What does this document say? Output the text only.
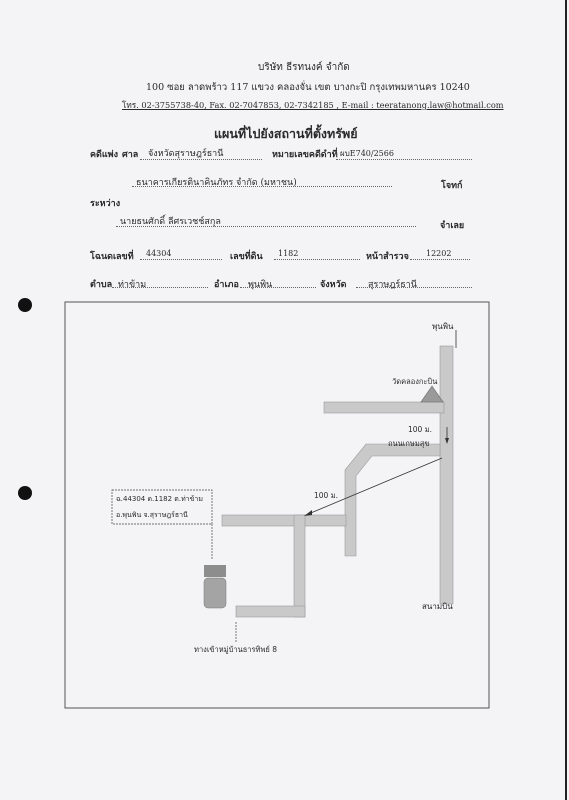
บริษัท ธีรทนงค์ จำกัด
100 ซอย ลาดพร้าว 117 แขวง คลองจั่น เขต บางกะปิ กรุงเทพมหานคร 10240
โทร. 02-3755738-40, Fax. 02-7047853, 02-7342185 , E-mail : teeratanong.law@hotmail.com
แผนที่ไปยังสถานที่ตั้งทรัพย์
คดีแพ่ง ศาล จังหวัดสุราษฎร์ธานี	หมายเลขคดีดำที่ ผบE740/2566
ธนาคารเกียรตินาคินภัทร จำกัด (มหาชน)	โจทก์
ระหว่าง
นายธนศักดิ์ ลีศรเวชช์สกุล	จำเลย
โฉนดเลขที่ 44304	เลขที่ดิน 1182	หน้าสำรวจ 12202
ตำบล ท่าข้าม	อำเภอ พุนพิน	จังหวัด สุราษฎร์ธานี
พุนพิน
วัดคลองกะบิน
100 ม.
ถนนเกษมสุข
100 ม.
สนามบิน
ทางเข้าหมู่บ้านธารทิพย์ 8
ฉ.44304 ด.1182 ต.ท่าข้าม
อ.พุนพิน จ.สุราษฎร์ธานี
